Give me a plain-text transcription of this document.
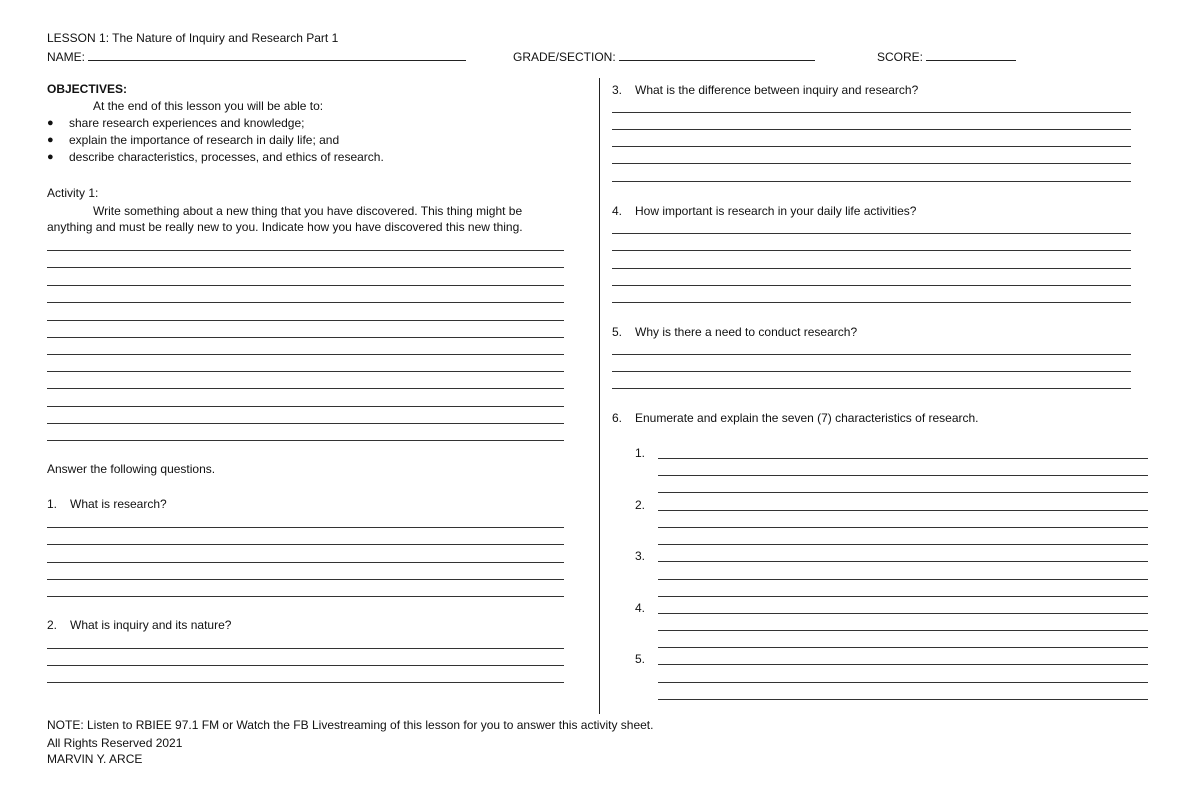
LESSON 1: The Nature of Inquiry and Research Part 1
NAME:	GRADE/SECTION:	SCORE:
OBJECTIVES:
At the end of this lesson you will be able to:
● share research experiences and knowledge;
● explain the importance of research in daily life; and
● describe characteristics, processes, and ethics of research.
Activity 1:
Write something about a new thing that you have discovered. This thing might be
anything and must be really new to you. Indicate how you have discovered this new thing.
Answer the following questions.
1. What is research?
2. What is inquiry and its nature?
3. What is the difference between inquiry and research?
4. How important is research in your daily life activities?
5. Why is there a need to conduct research?
6. Enumerate and explain the seven (7) characteristics of research.
1.
2.
3.
4.
5.
NOTE: Listen to RBIEE 97.1 FM or Watch the FB Livestreaming of this lesson for you to answer this activity sheet.
All Rights Reserved 2021
MARVIN Y. ARCE
